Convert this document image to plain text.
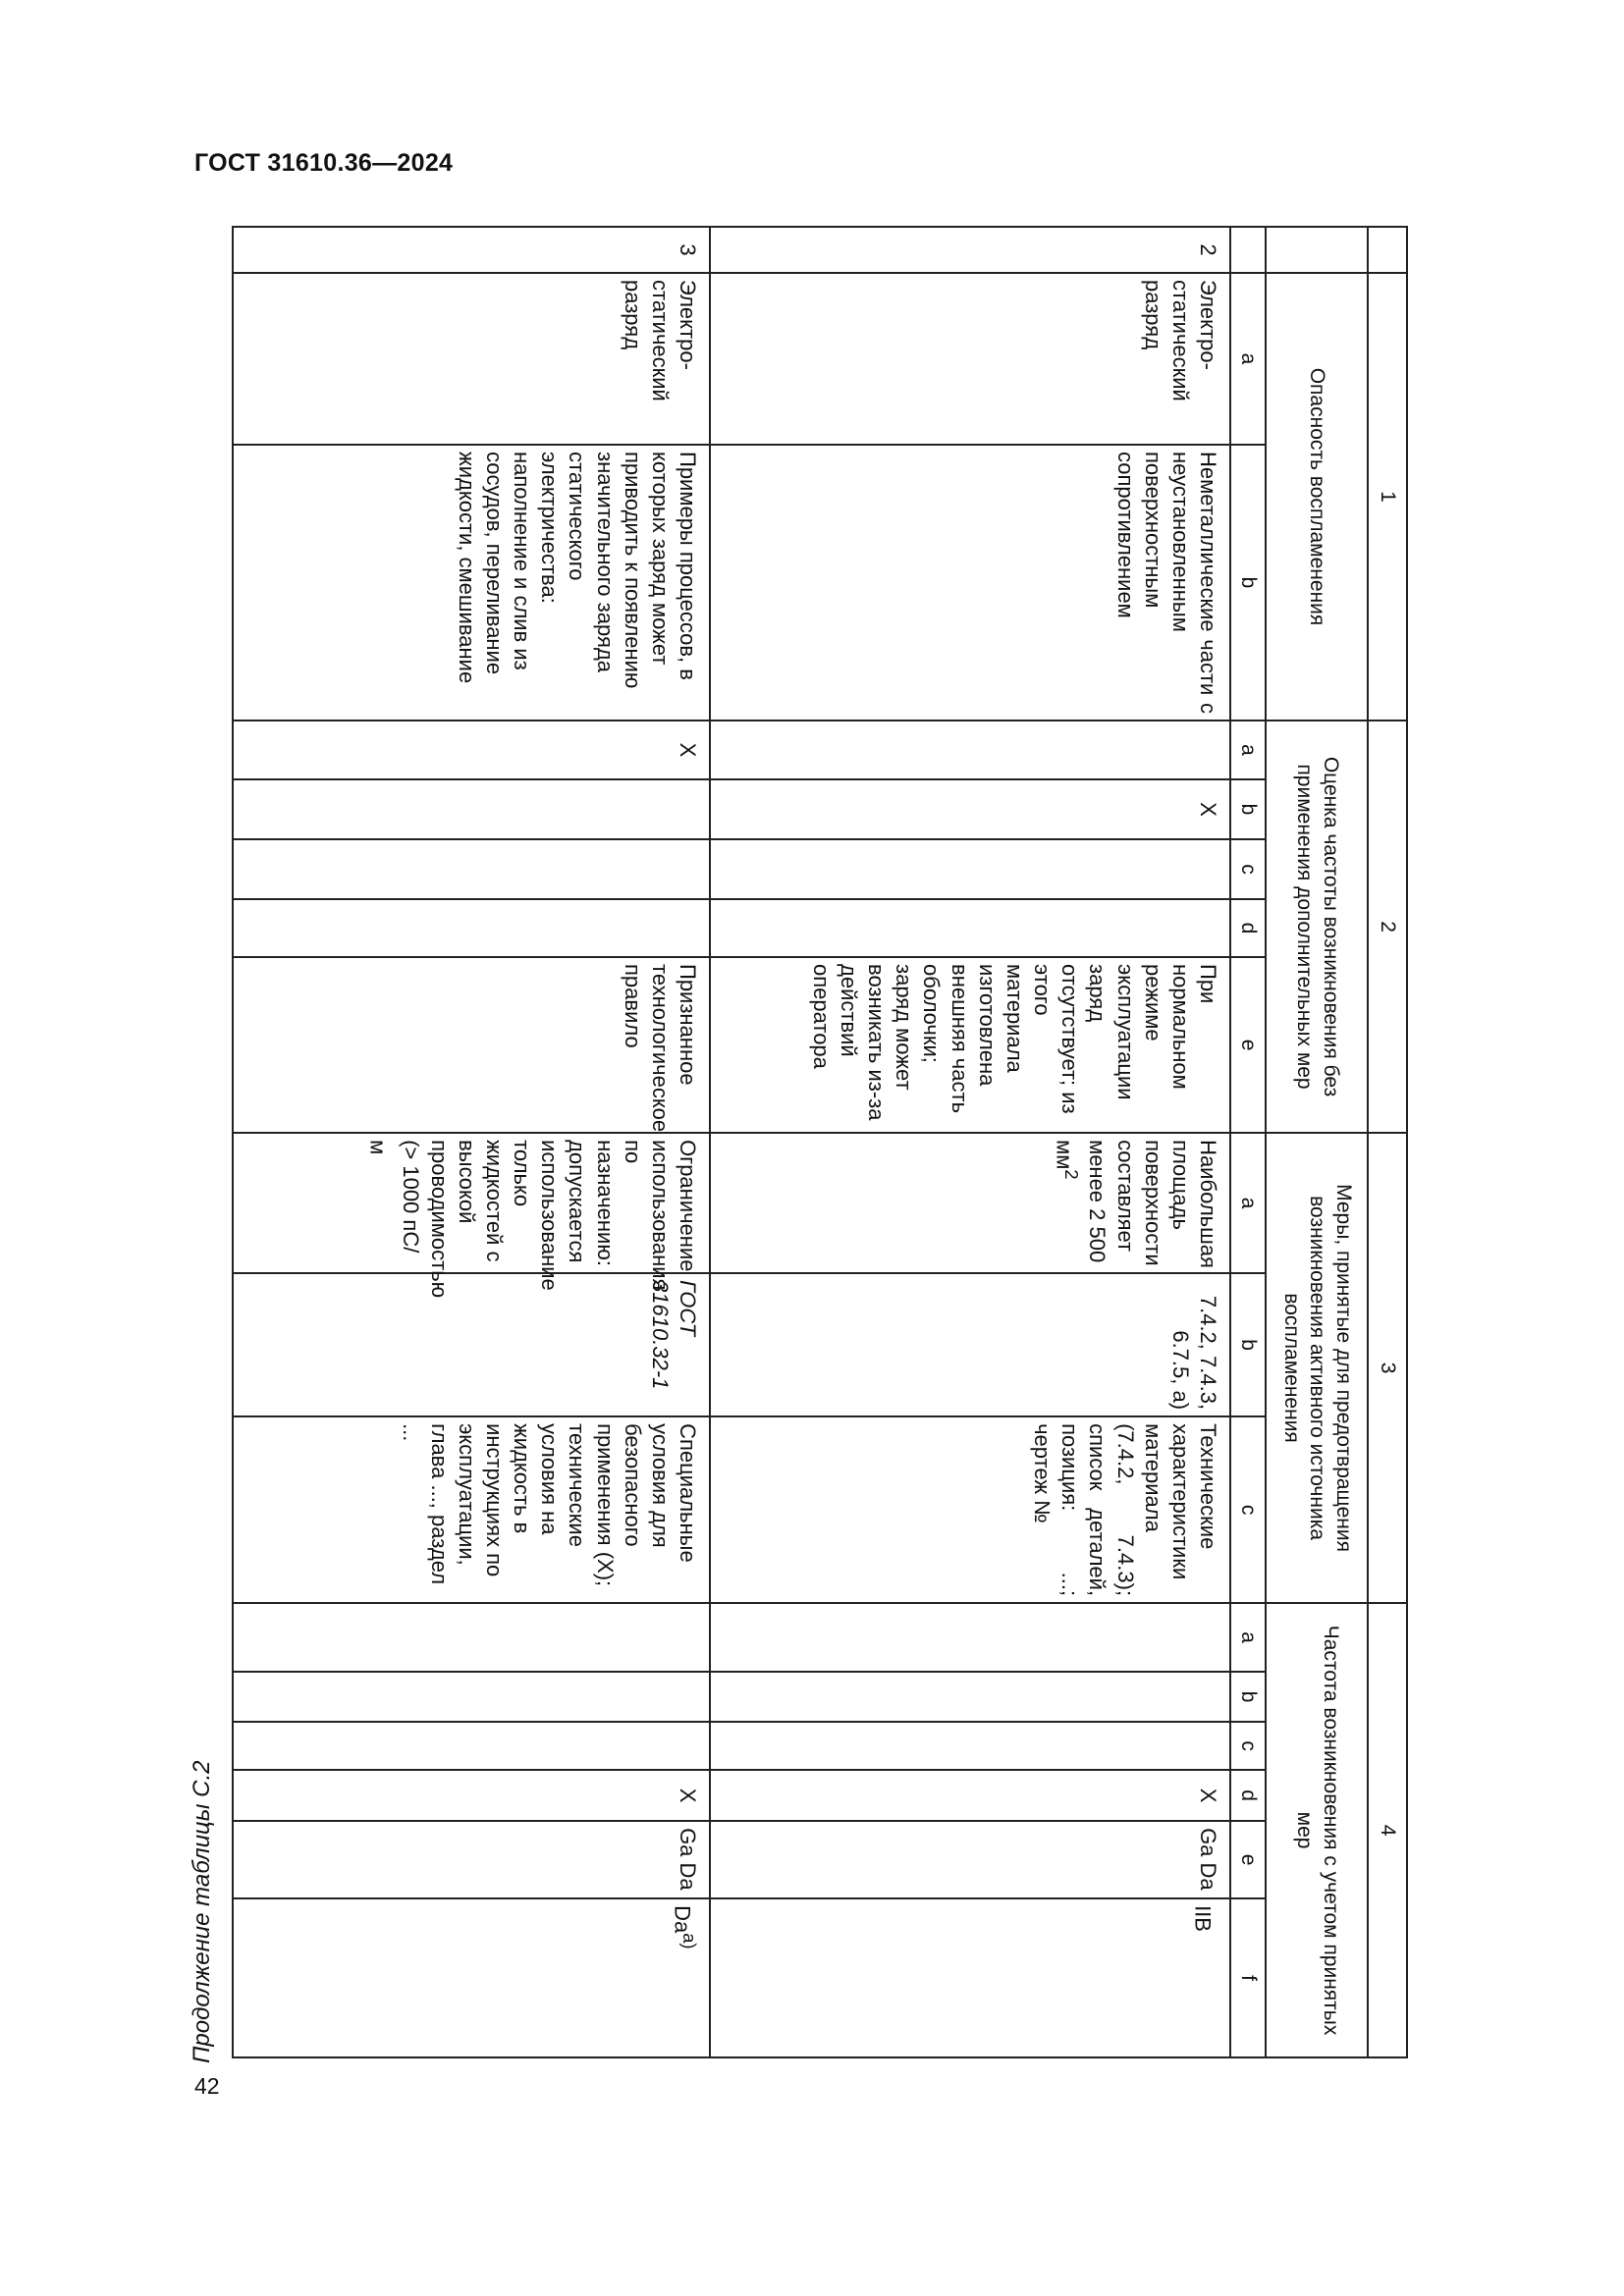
ГОСТ 31610.36—2024
Продолжение таблицы С.2
42
	1		2					3			4					
	Опасность воспламенения		Оценка частоты возникновения без применения дополнительных мер					Меры, принятые для предотвращения возникновения активного источника воспламенения			Частота возникновения с учетом принятых мер					
	a	b	a	b	c	d	e	a	b	c	a	b	c	d	e	f
2	Электро-статический разряд	Неметаллические части с неустановленным поверхностным сопротивлением		X			При нормальном режиме эксплуатации заряд отсутствует; из этого материала изготовлена внешняя часть оболочки; заряд может возникать из-за действий оператора	Наибольшая площадь поверхности составляет менее 2 500 $мм^2$	7.4.2, 7.4.3, 6.7.5, а)	Технические характеристики материала (7.4.2, 7.4.3); список деталей, позиция: ...; чертеж №				X	Ga Da	IIB
3	Электро-статический разряд	Примеры процессов, в которых заряд может приводить к появлению значительного заряда статического электричества: наполнение и слив из сосудов, переливание жидкости, смешивание	X				Признанное технологическое правило	Ограничение использования по назначению: допускается использование только жидкостей с высокой проводимостью (> 1000 пС/м	ГОСТ 31610.32-1	Специальные условия для безопасного применения (X); технические условия на жидкость в инструкциях по эксплуатации, глава ..., раздел ...				X	Ga Da	$Da^{а)}$
